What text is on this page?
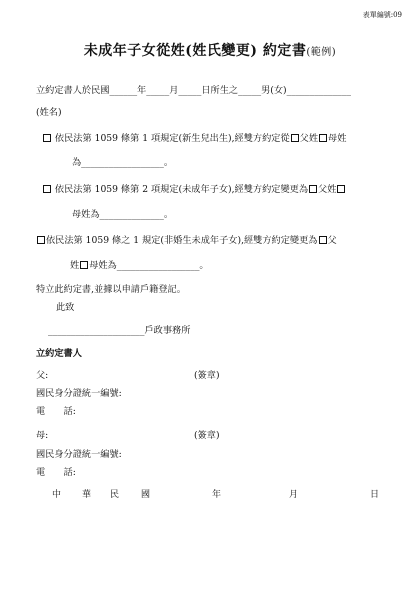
表單編號:09
未成年子女從姓(姓氏變更) 約定書(範例)
立約定書人於民國______年_____月_____日所生之_____男(女)______________
(姓名)
依民法第 1059 條第 1 項規定(新生兒出生),經雙方約定從 父姓 母姓
為__________________。
依民法第 1059 條第 2 項規定(未成年子女),經雙方約定變更為 父姓
母姓為______________。
依民法第 1059 條之 1 規定(非婚生未成年子女),經雙方約定變更為 父
姓 母姓為__________________。
特立此約定書,並據以申請戶籍登記。
此致
_____________________戶政事務所
立約定書人
父:	(簽章)
國民身分證統一編號:
電　　話:
母:	(簽章)
國民身分證統一編號:
電　　話:
中 華 民 國	年	月	日
